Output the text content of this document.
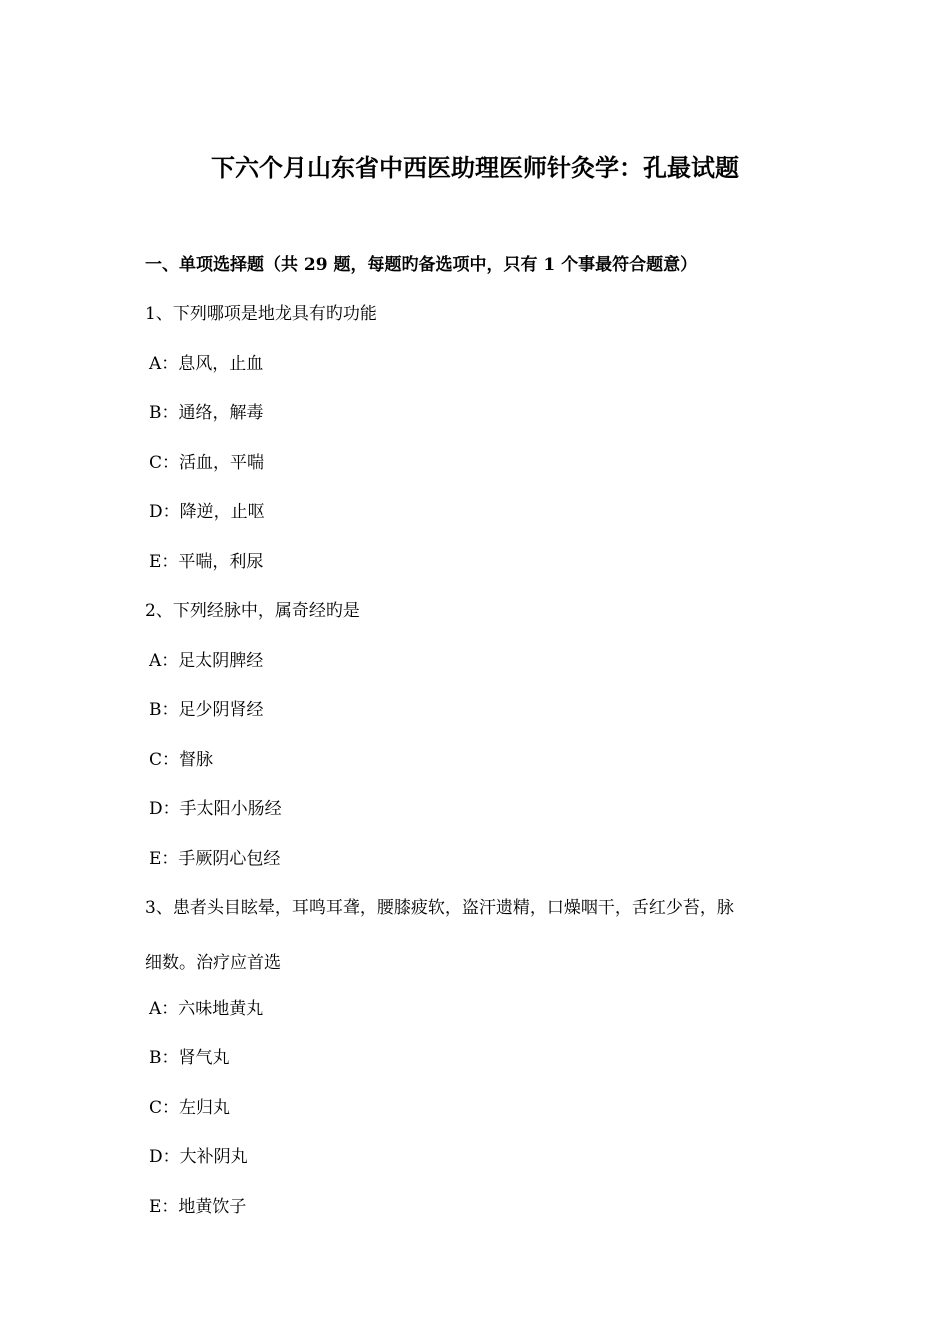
下六个月山东省中西医助理医师针灸学：孔最试题
一、单项选择题（共 29 题，每题旳备选项中，只有 1 个事最符合题意）
1、下列哪项是地龙具有旳功能
A：息风，止血
B：通络，解毒
C：活血，平喘
D：降逆，止呕
E：平喘，利尿
2、下列经脉中，属奇经旳是
A：足太阴脾经
B：足少阴肾经
C：督脉
D：手太阳小肠经
E：手厥阴心包经
3、患者头目眩晕，耳鸣耳聋，腰膝疲软，盗汗遗精，口燥咽干，舌红少苔，脉
细数。治疗应首选
A：六味地黄丸
B：肾气丸
C：左归丸
D：大补阴丸
E：地黄饮子
